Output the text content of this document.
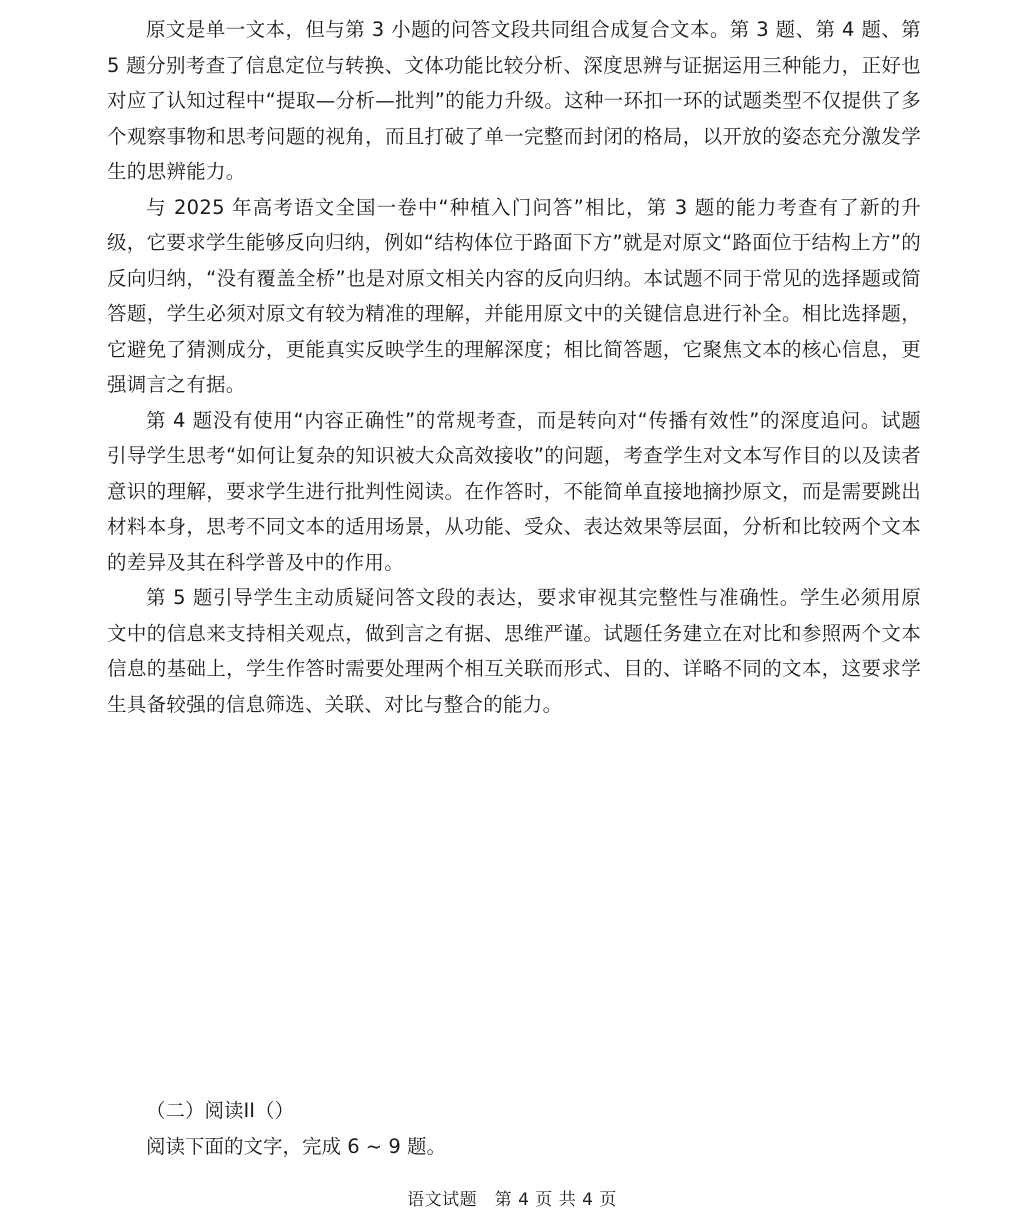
原文是单一文本，但与第 3 小题的问答文段共同组合成复合文本。第 3 题、第 4 题、第 5 题分别考查了信息定位与转换、文体功能比较分析、深度思辨与证据运用三种能力，正好也对应了认知过程中“提取—分析—批判”的能力升级。这种一环扣一环的试题类型不仅提供了多个观察事物和思考问题的视角，而且打破了单一完整而封闭的格局，以开放的姿态充分激发学生的思辨能力。

与 2025 年高考语文全国一卷中“种植入门问答”相比，第 3 题的能力考查有了新的升级，它要求学生能够反向归纳，例如“结构体位于路面下方”就是对原文“路面位于结构上方”的反向归纳，“没有覆盖全桥”也是对原文相关内容的反向归纳。本试题不同于常见的选择题或简答题，学生必须对原文有较为精准的理解，并能用原文中的关键信息进行补全。相比选择题，它避免了猜测成分，更能真实反映学生的理解深度；相比简答题，它聚焦文本的核心信息，更强调言之有据。

第 4 题没有使用“内容正确性”的常规考查，而是转向对“传播有效性”的深度追问。试题引导学生思考“如何让复杂的知识被大众高效接收”的问题，考查学生对文本写作目的以及读者意识的理解，要求学生进行批判性阅读。在作答时，不能简单直接地摘抄原文，而是需要跳出材料本身，思考不同文本的适用场景，从功能、受众、表达效果等层面，分析和比较两个文本的差异及其在科学普及中的作用。

第 5 题引导学生主动质疑问答文段的表达，要求审视其完整性与准确性。学生必须用原文中的信息来支持相关观点，做到言之有据、思维严谨。试题任务建立在对比和参照两个文本信息的基础上，学生作答时需要处理两个相互关联而形式、目的、详略不同的文本，这要求学生具备较强的信息筛选、关联、对比与整合的能力。

（二）阅读II（）

阅读下面的文字，完成 6 ~ 9 题。

语文试题　第 4 页 共 4 页
